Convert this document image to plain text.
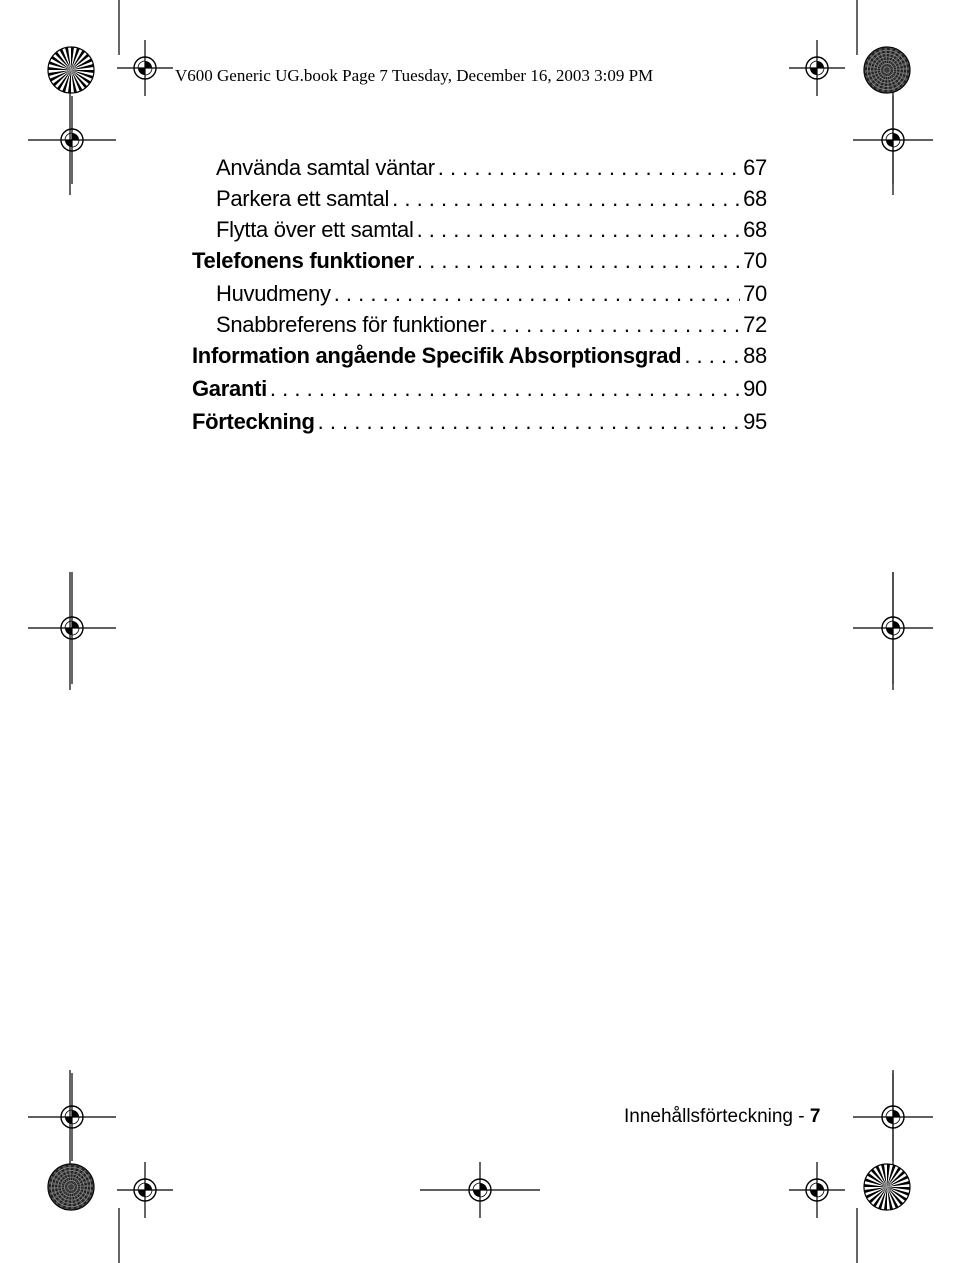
V600 Generic UG.book Page 7 Tuesday, December 16, 2003 3:09 PM
Använda samtal väntar . . .	67
Parkera ett samtal . . .	68
Flytta över ett samtal . . .	68
Telefonens funktioner . . .	70
Huvudmeny . . .	70
Snabbreferens för funktioner . . .	72
Information angående Specifik Absorptionsgrad . . .	88
Garanti . . .	90
Förteckning . . .	95
Innehållsförteckning - 7
